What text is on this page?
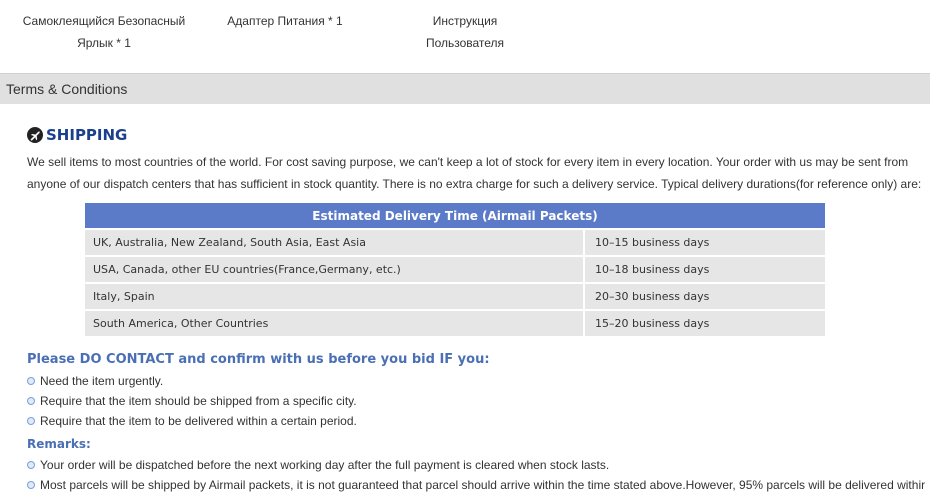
Самоклеящийся Безопасный Ярлык * 1
Адаптер Питания * 1	Инструкция Пользователя
Terms & Conditions
SHIPPING
We sell items to most countries of the world. For cost saving purpose, we can't keep a lot of stock for every item in every location. Your order with us may be sent from anyone of our dispatch centers that has sufficient in stock quantity. There is no extra charge for such a delivery service. Typical delivery durations(for reference only) are:
Estimated Delivery Time (Airmail Packets)	
UK, Australia, New Zealand, South Asia, East Asia	10–15 business days
USA, Canada, other EU countries(France,Germany, etc.)	10–18 business days
Italy, Spain	20–30 business days
South America, Other Countries	15–20 business days
Please DO CONTACT and confirm with us before you bid IF you:
Need the item urgently.
Require that the item should be shipped from a specific city.
Require that the item to be delivered within a certain period.
Remarks:
Your order will be dispatched before the next working day after the full payment is cleared when stock lasts.
Most parcels will be shipped by Airmail packets, it is not guaranteed that parcel should arrive within the time stated above.However, 95% parcels will be delivered withir
